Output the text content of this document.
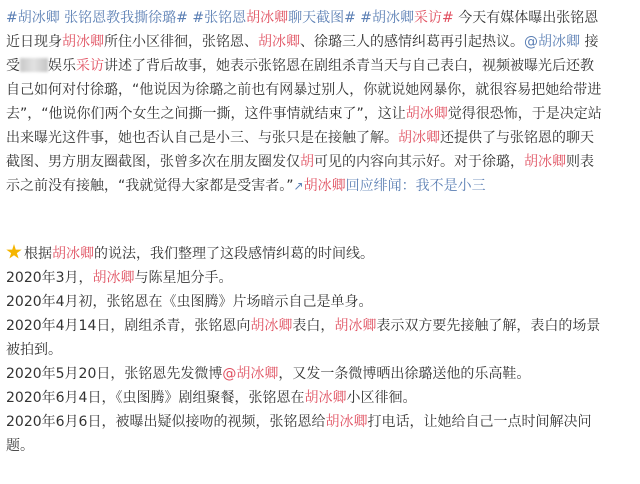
#胡冰卿 张铭恩教我撕徐璐# #张铭恩胡冰卿聊天截图# #胡冰卿采访# 今天有媒体曝出张铭恩
近日现身胡冰卿所住小区徘徊，张铭恩、胡冰卿、徐璐三人的感情纠葛再引起热议。@胡冰卿 接
受 娱乐采访讲述了背后故事，她表示张铭恩在剧组杀青当天与自己表白，视频被曝光后还教
自己如何对付徐璐，“他说因为徐璐之前也有网暴过别人，你就说她网暴你，就很容易把她给带进
去”，“他说你们两个女生之间撕一撕，这件事情就结束了”，这让胡冰卿觉得很恐怖，于是决定站
出来曝光这件事，她也否认自己是小三、与张只是在接触了解。胡冰卿还提供了与张铭恩的聊天
截图、男方朋友圈截图，张曾多次在朋友圈发仅胡可见的内容向其示好。对于徐璐，胡冰卿则表
示之前没有接触，“我就觉得大家都是受害者。”↗胡冰卿回应绯闻：我不是小三
根据胡冰卿的说法，我们整理了这段感情纠葛的时间线。
2020年3月，胡冰卿与陈星旭分手。
2020年4月初，张铭恩在《虫图腾》片场暗示自己是单身。
2020年4月14日，剧组杀青，张铭恩向胡冰卿表白，胡冰卿表示双方要先接触了解，表白的场景
被拍到。
2020年5月20日，张铭恩先发微博@胡冰卿，又发一条微博晒出徐璐送他的乐高鞋。
2020年6月4日，《虫图腾》剧组聚餐，张铭恩在胡冰卿小区徘徊。
2020年6月6日，被曝出疑似接吻的视频，张铭恩给胡冰卿打电话，让她给自己一点时间解决问
题。
